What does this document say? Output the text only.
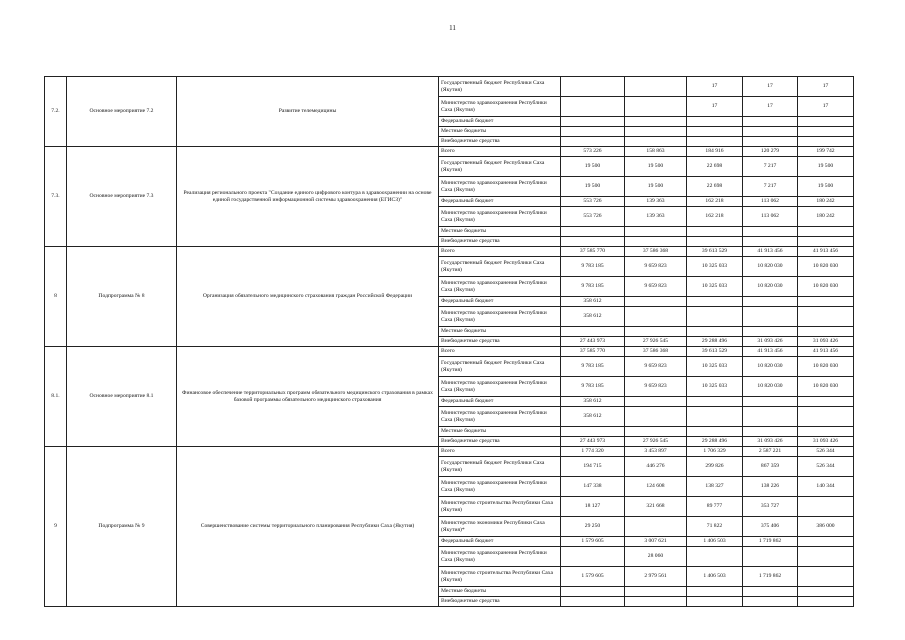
11
7.2.	Основное мероприятие 7.2	Развитие телемедицины	Государственный бюджет Республики Саха (Якутия)			17	17	17
			Министерство здравоохранения Республики Саха (Якутия)			17	17	17
			Федеральный бюджет					
			Местные бюджеты					
			Внебюджетные средства					
7.3.	Основное мероприятие 7.3	Реализация регионального проекта "Создание единого цифрового контура в здравоохранении на основе единой государственной информационной системы здравоохранения (ЕГИСЗ)"	Всего	573 226	158 863	184 916	120 279	199 742
			Государственный бюджет Республики Саха (Якутия)	19 500	19 500	22 698	7 217	19 500
			Министерство здравоохранения Республики Саха (Якутия)	19 500	19 500	22 698	7 217	19 500
			Федеральный бюджет	553 726	139 363	162 218	113 062	180 242
			Министерство здравоохранения Республики Саха (Якутия)	553 726	139 363	162 218	113 062	180 242
			Местные бюджеты					
			Внебюджетные средства					
8	Подпрограмма № 8	Организация обязательного медицинского страхования граждан Российской Федерации	Всего	37 585 770	37 586 368	39 613 529	41 913 456	41 913 456
			Государственный бюджет Республики Саха (Якутия)	9 783 185	9 659 823	10 325 033	10 820 030	10 820 030
			Министерство здравоохранения Республики Саха (Якутия)	9 783 185	9 659 823	10 325 033	10 820 030	10 820 030
			Федеральный бюджет	358 612				
			Министерство здравоохранения Республики Саха (Якутия)	358 612				
			Местные бюджеты					
			Внебюджетные средства	27 443 973	27 926 545	29 288 496	31 093 426	31 093 426
8.1.	Основное мероприятие 8.1	Финансовое обеспечение территориальных программ обязательного медицинского страхования в рамках базовой программы обязательного медицинского страхования	Всего	37 585 770	37 586 368	39 613 529	41 913 456	41 913 456
			Государственный бюджет Республики Саха (Якутия)	9 783 185	9 659 823	10 325 033	10 820 030	10 820 030
			Министерство здравоохранения Республики Саха (Якутия)	9 783 185	9 659 823	10 325 033	10 820 030	10 820 030
			Федеральный бюджет	358 612				
			Министерство здравоохранения Республики Саха (Якутия)	358 612				
			Местные бюджеты					
			Внебюджетные средства	27 443 973	27 926 545	29 288 496	31 093 426	31 093 426
9	Подпрограмма № 9	Совершенствование системы территориального планирования Республики Саха (Якутия)	Всего	1 774 320	3 453 897	1 706 329	2 587 221	526 344
			Государственный бюджет Республики Саха (Якутия)	194 715	446 276	299 826	867 359	526 344
			Министерство здравоохранения Республики Саха (Якутия)	147 338	124 608	138 327	138 226	140 344
			Министерство строительства Республики Саха (Якутия)	18 127	321 668	89 777	353 727	
			Министерство экономики Республики Саха (Якутия)*	29 250		71 822	375 406	386 000
			Федеральный бюджет	1 579 605	3 007 621	1 406 503	1 719 862	
			Министерство здравоохранения Республики Саха (Якутия)		28 060			
			Министерство строительства Республики Саха (Якутия)	1 579 605	2 979 561	1 406 503	1 719 862	
			Местные бюджеты					
			Внебюджетные средства					
